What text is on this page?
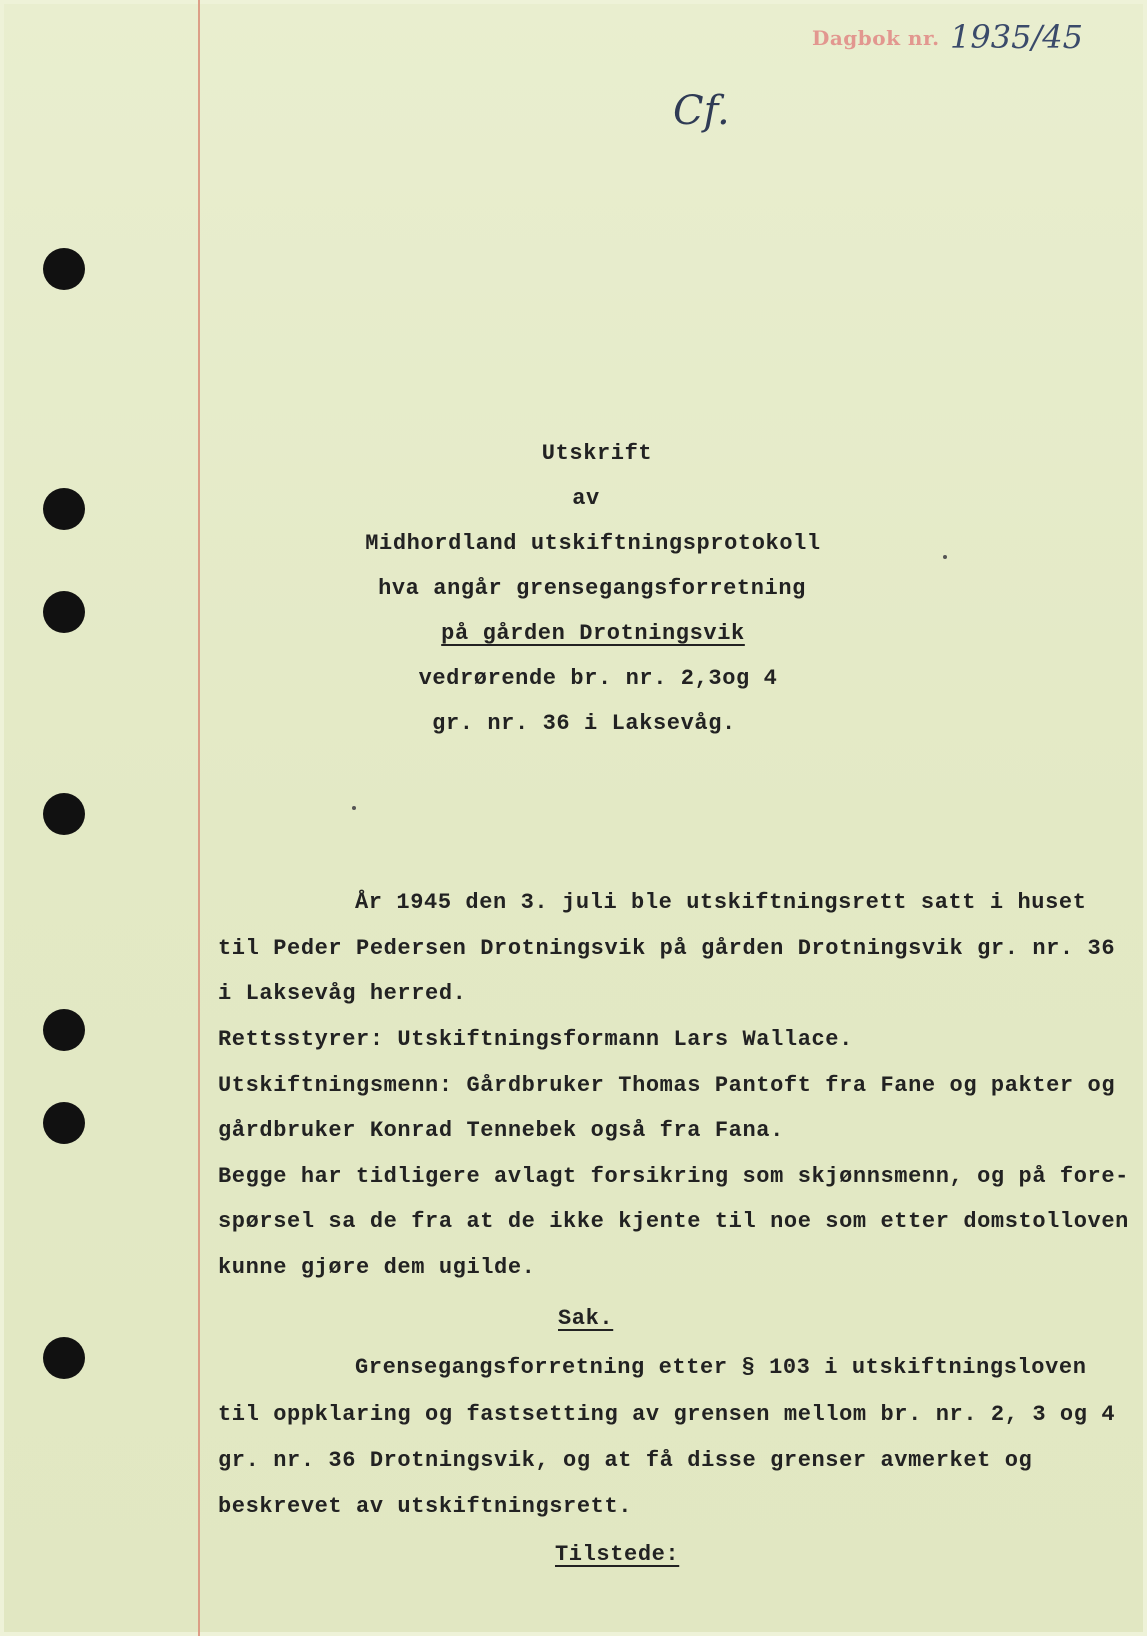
Dagbok nr. 1935/45
Cf.
Utskrift
av
Midhordland utskiftningsprotokoll
hva angår grensegangsforretning
på gården Drotningsvik
vedrørende br. nr. 2,3og 4
gr. nr. 36 i Laksevåg.
År 1945 den 3. juli ble utskiftningsrett satt i huset
til Peder Pedersen Drotningsvik på gården Drotningsvik gr. nr. 36
i Laksevåg herred.
Rettsstyrer: Utskiftningsformann Lars Wallace.
Utskiftningsmenn: Gårdbruker Thomas Pantoft fra Fane og pakter og
gårdbruker Konrad Tennebek også fra Fana.
Begge har tidligere avlagt forsikring som skjønnsmenn, og på fore-
spørsel sa de fra at de ikke kjente til noe som etter domstolloven
kunne gjøre dem ugilde.
Sak.
Grensegangsforretning etter § 103 i utskiftningsloven
til oppklaring og fastsetting av grensen mellom br. nr. 2, 3 og 4
gr. nr. 36 Drotningsvik, og at få disse grenser avmerket og
beskrevet av utskiftningsrett.
Tilstede:
